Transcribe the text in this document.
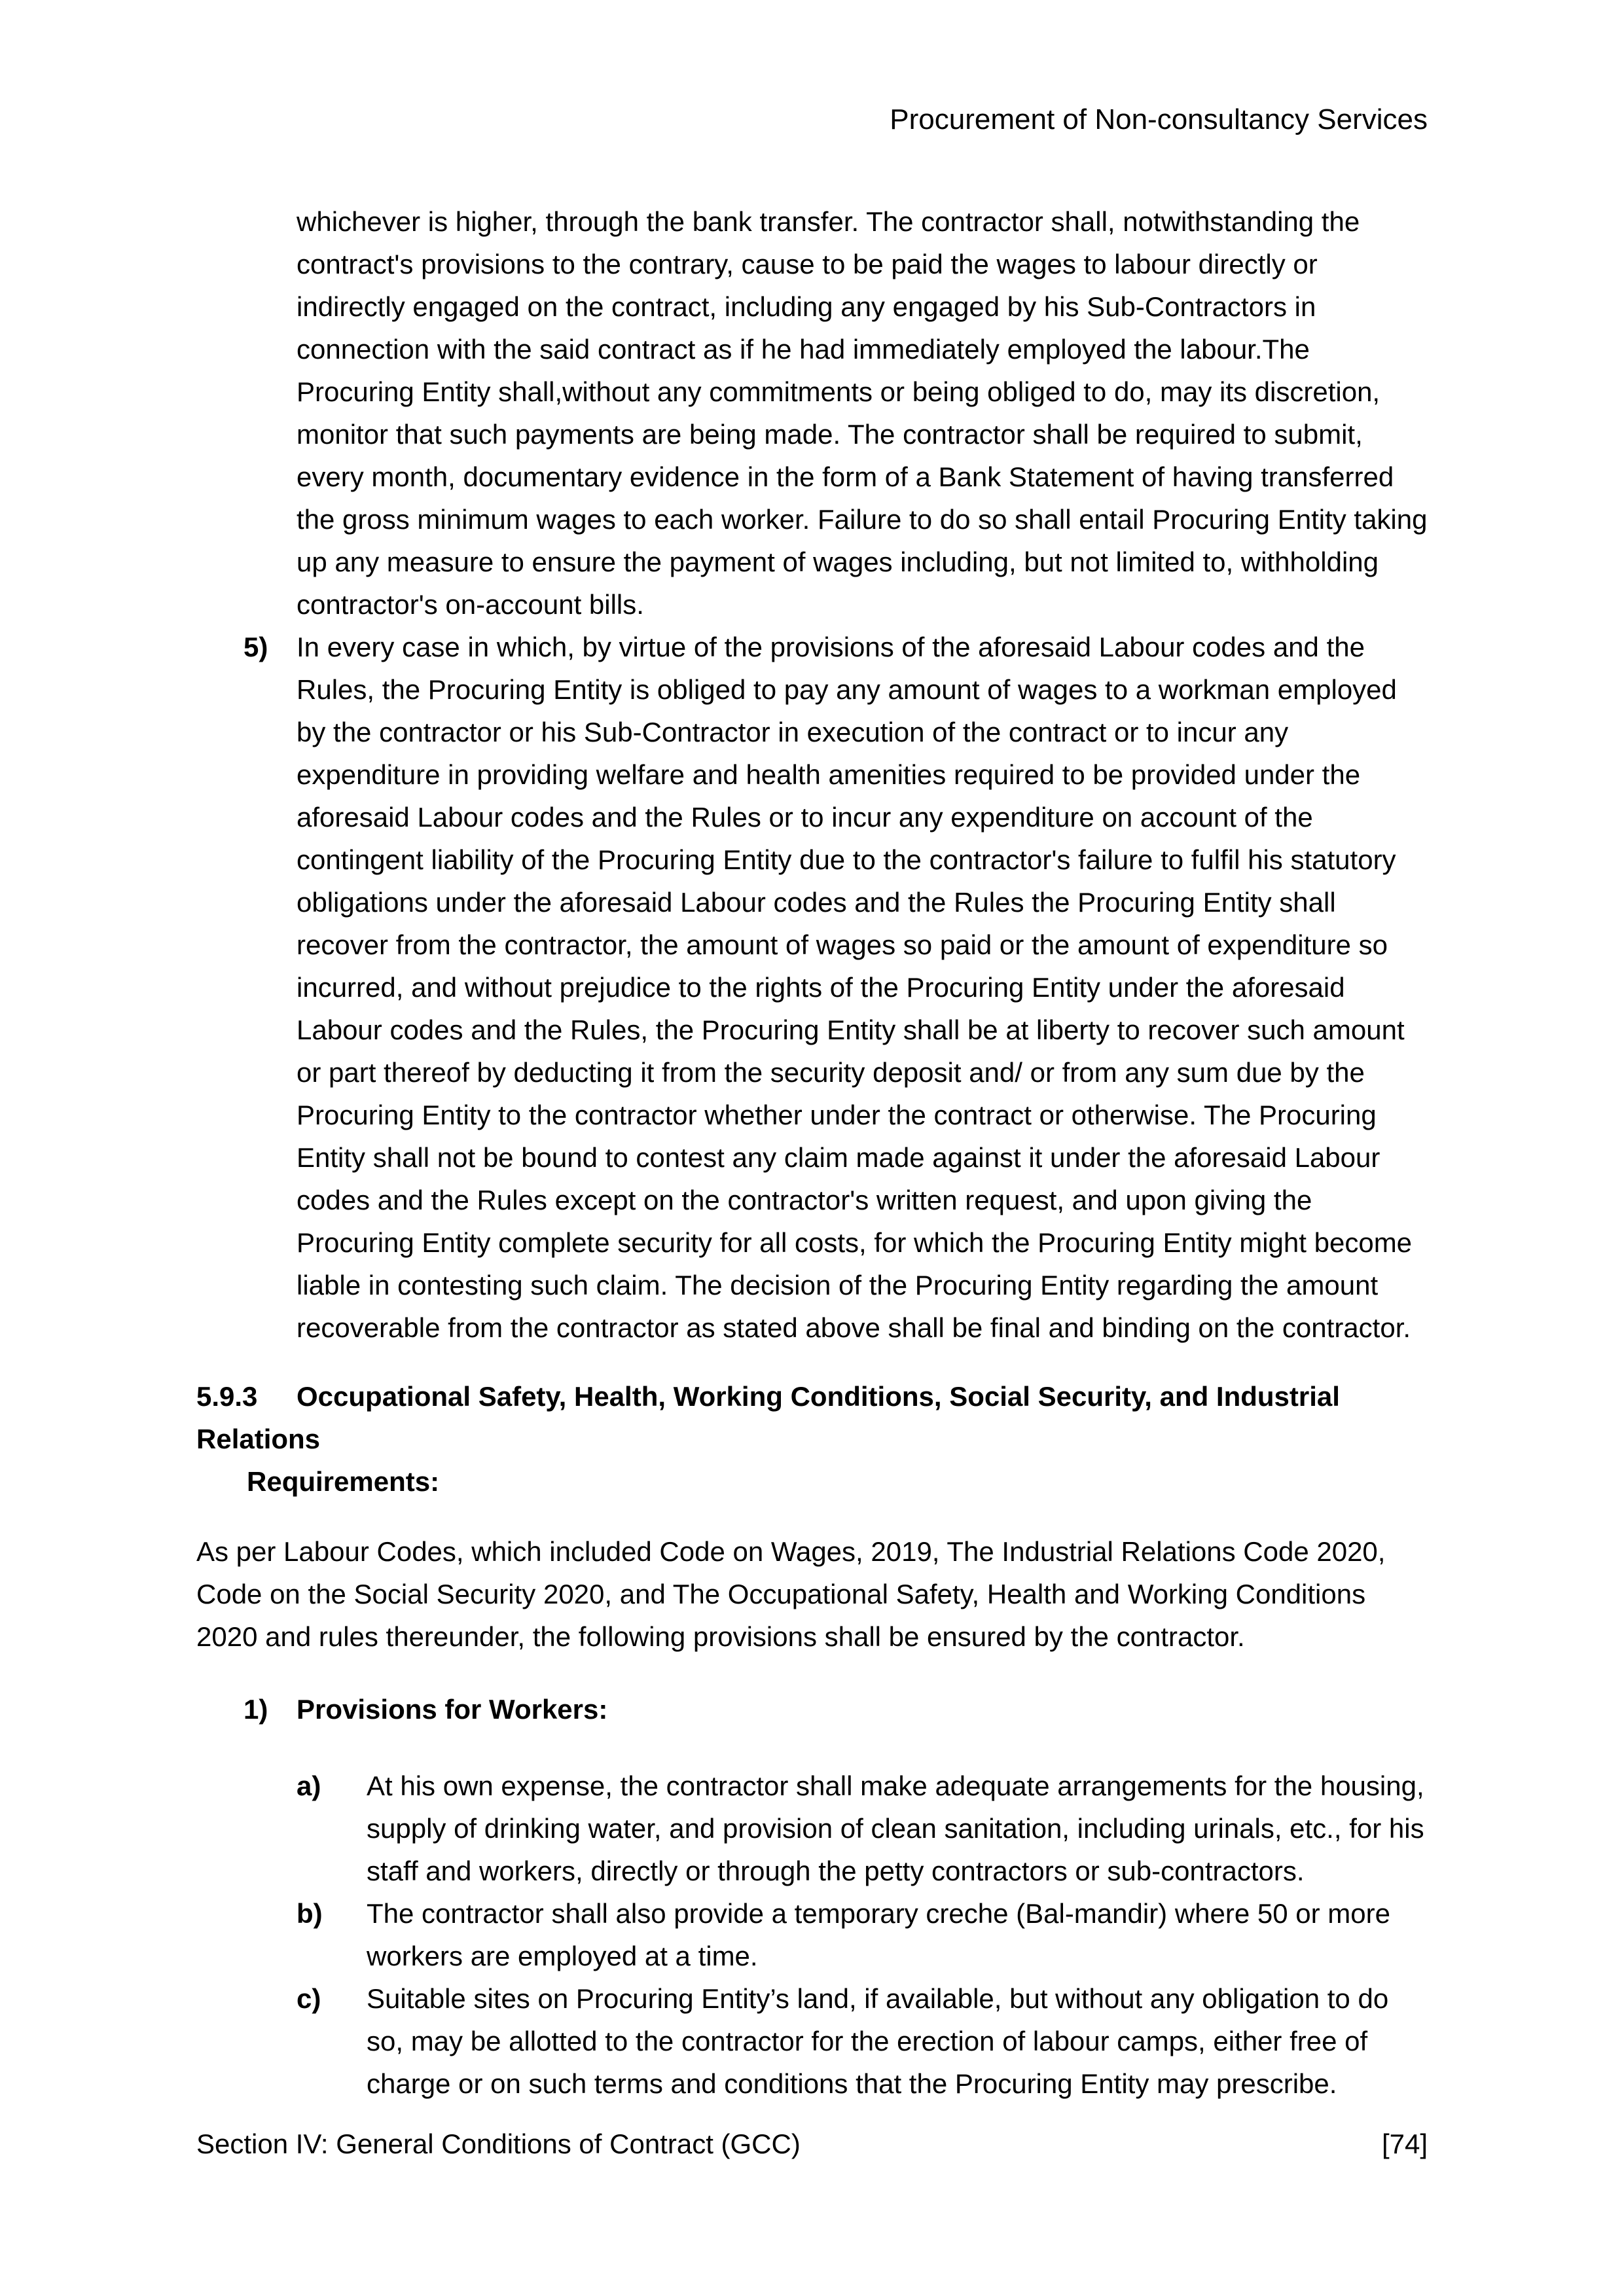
Procurement of Non-consultancy Services
whichever is higher, through the bank transfer. The contractor shall, notwithstanding the contract's provisions to the contrary, cause to be paid the wages to labour directly or indirectly engaged on the contract, including any engaged by his Sub-Contractors in connection with the said contract as if he had immediately employed the labour.The Procuring Entity shall,without any commitments or being obliged to do, may its discretion, monitor that such payments are being made. The contractor shall be required to submit, every month, documentary evidence in the form of a Bank Statement of having transferred the gross minimum wages to each worker. Failure to do so shall entail Procuring Entity taking up any measure to ensure the payment of wages including, but not limited to, withholding contractor's on-account bills.
5)	In every case in which, by virtue of the provisions of the aforesaid Labour codes and the Rules, the Procuring Entity is obliged to pay any amount of wages to a workman employed by the contractor or his Sub-Contractor in execution of the contract or to incur any expenditure in providing welfare and health amenities required to be provided under the aforesaid Labour codes and the Rules or to incur any expenditure on account of the contingent liability of the Procuring Entity due to the contractor's failure to fulfil his statutory obligations under the aforesaid Labour codes and the Rules the Procuring Entity shall recover from the contractor, the amount of wages so paid or the amount of expenditure so incurred, and without prejudice to the rights of the Procuring Entity under the aforesaid Labour codes and the Rules, the Procuring Entity shall be at liberty to recover such amount or part thereof by deducting it from the security deposit and/ or from any sum due by the Procuring Entity to the contractor whether under the contract or otherwise. The Procuring Entity shall not be bound to contest any claim made against it under the aforesaid Labour codes and the Rules except on the contractor's written request, and upon giving the Procuring Entity complete security for all costs, for which the Procuring Entity might become liable in contesting such claim. The decision of the Procuring Entity regarding the amount recoverable from the contractor as stated above shall be final and binding on the contractor.
5.9.3 Occupational Safety, Health, Working Conditions, Social Security, and Industrial Relations
Requirements:
As per Labour Codes, which included Code on Wages, 2019, The Industrial Relations Code 2020, Code on the Social Security 2020, and The Occupational Safety, Health and Working Conditions 2020 and rules thereunder, the following provisions shall be ensured by the contractor.
1)	Provisions for Workers:
a)	At his own expense, the contractor shall make adequate arrangements for the housing, supply of drinking water, and provision of clean sanitation, including urinals, etc., for his staff and workers, directly or through the petty contractors or sub-contractors.
b)	The contractor shall also provide a temporary creche (Bal-mandir) where 50 or more workers are employed at a time.
c)	Suitable sites on Procuring Entity’s land, if available, but without any obligation to do so, may be allotted to the contractor for the erection of labour camps, either free of charge or on such terms and conditions that the Procuring Entity may prescribe.
Section IV: General Conditions of Contract (GCC)	[74]
